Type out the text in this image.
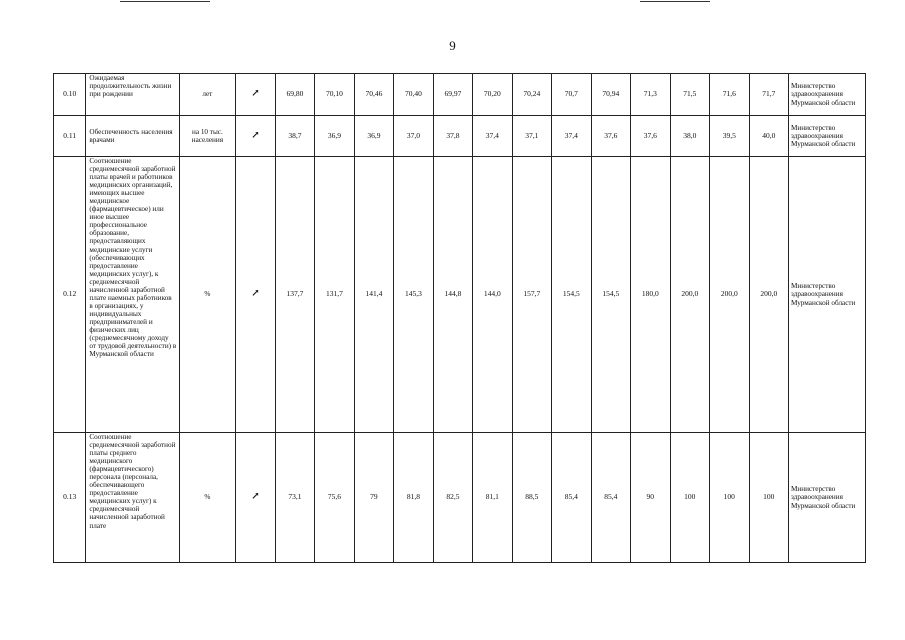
9
0.10	Ожидаемая продолжительность жизни при рождении	лет	↗	69,80	70,10	70,46	70,40	69,97	70,20	70,24	70,7	70,94	71,3	71,5	71,6	71,7	Министерство здравоохранения Мурманской области
0.11	Обеспеченность населения врачами	на 10 тыс. населения	↗	38,7	36,9	36,9	37,0	37,8	37,4	37,1	37,4	37,6	37,6	38,0	39,5	40,0	Министерство здравоохранения Мурманской области
0.12	Соотношение среднемесячной заработной платы врачей и работников медицинских организаций, имеющих высшее медицинское (фармацевтическое) или иное высшее профессиональное образование, предоставляющих медицинские услуги (обеспечивающих предоставление медицинских услуг), к среднемесячной начисленной заработной плате наемных работников в организациях, у индивидуальных предпринимателей и физических лиц (среднемесячному доходу от трудовой деятельности) в Мурманской области	%	↗	137,7	131,7	141,4	145,3	144,8	144,0	157,7	154,5	154,5	180,0	200,0	200,0	200,0	Министерство здравоохранения Мурманской области
0.13	Соотношение среднемесячной заработной платы среднего медицинского (фармацевтического) персонала (персонала, обеспечивающего предоставление медицинских услуг) к среднемесячной начисленной заработной плате	%	↗	73,1	75,6	79	81,8	82,5	81,1	88,5	85,4	85,4	90	100	100	100	Министерство здравоохранения Мурманской области
